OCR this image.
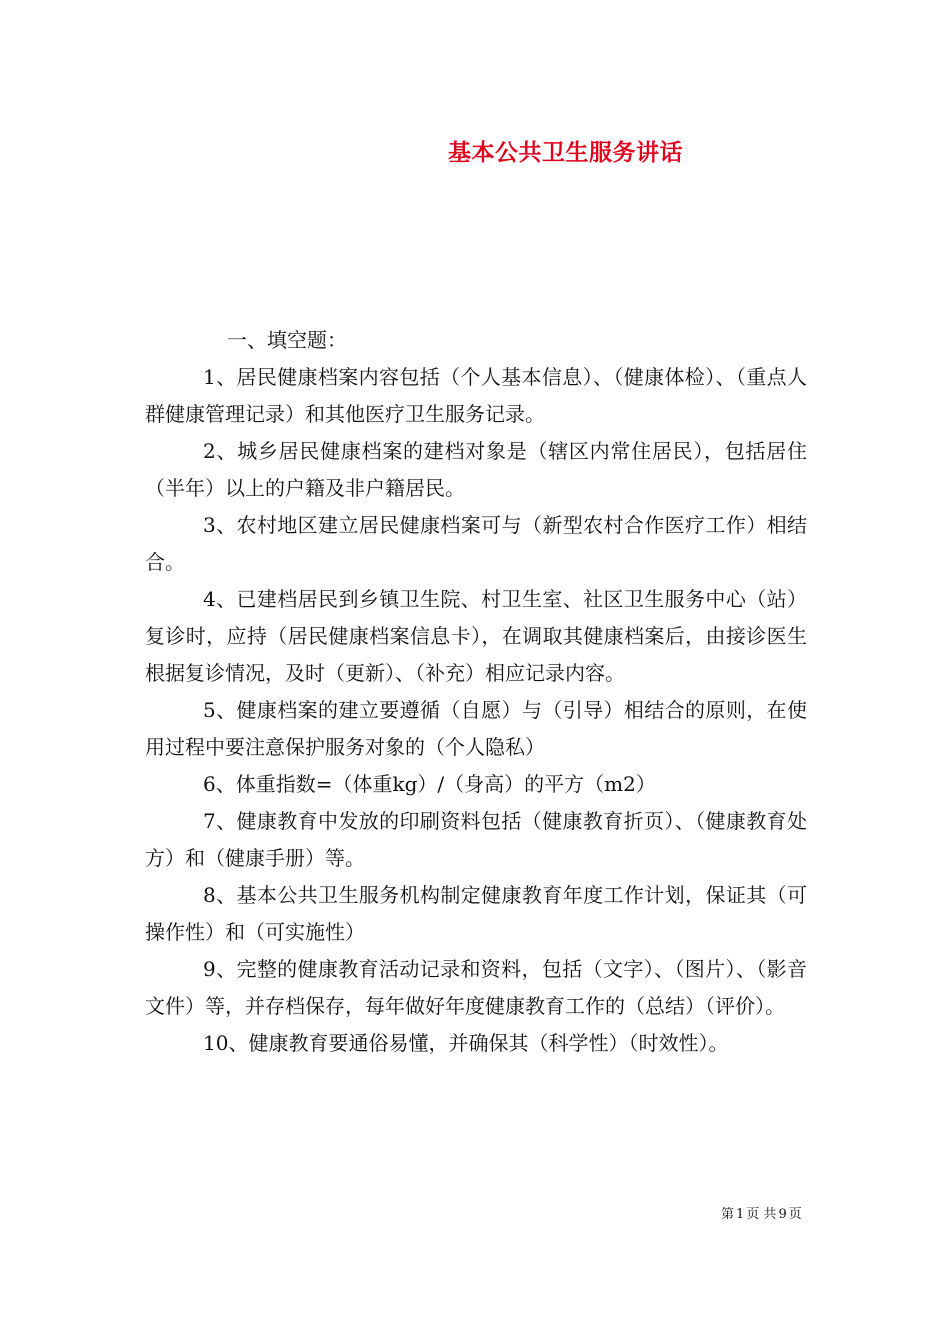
基本公共卫生服务讲话

一、填空题：

1、居民健康档案内容包括（个人基本信息）、（健康体检）、（重点人群健康管理记录）和其他医疗卫生服务记录。

2、城乡居民健康档案的建档对象是（辖区内常住居民），包括居住（半年）以上的户籍及非户籍居民。

3、农村地区建立居民健康档案可与（新型农村合作医疗工作）相结合。

4、已建档居民到乡镇卫生院、村卫生室、社区卫生服务中心（站）复诊时，应持（居民健康档案信息卡），在调取其健康档案后，由接诊医生根据复诊情况，及时（更新）、（补充）相应记录内容。

5、健康档案的建立要遵循（自愿）与（引导）相结合的原则，在使用过程中要注意保护服务对象的（个人隐私）

6、体重指数=（体重kg）/（身高）的平方（m2）

7、健康教育中发放的印刷资料包括（健康教育折页）、（健康教育处方）和（健康手册）等。

8、基本公共卫生服务机构制定健康教育年度工作计划，保证其（可操作性）和（可实施性）

9、完整的健康教育活动记录和资料，包括（文字）、（图片）、（影音文件）等，并存档保存，每年做好年度健康教育工作的（总结）（评价）。

10、健康教育要通俗易懂，并确保其（科学性）（时效性）。

第 1 页 共 9 页
